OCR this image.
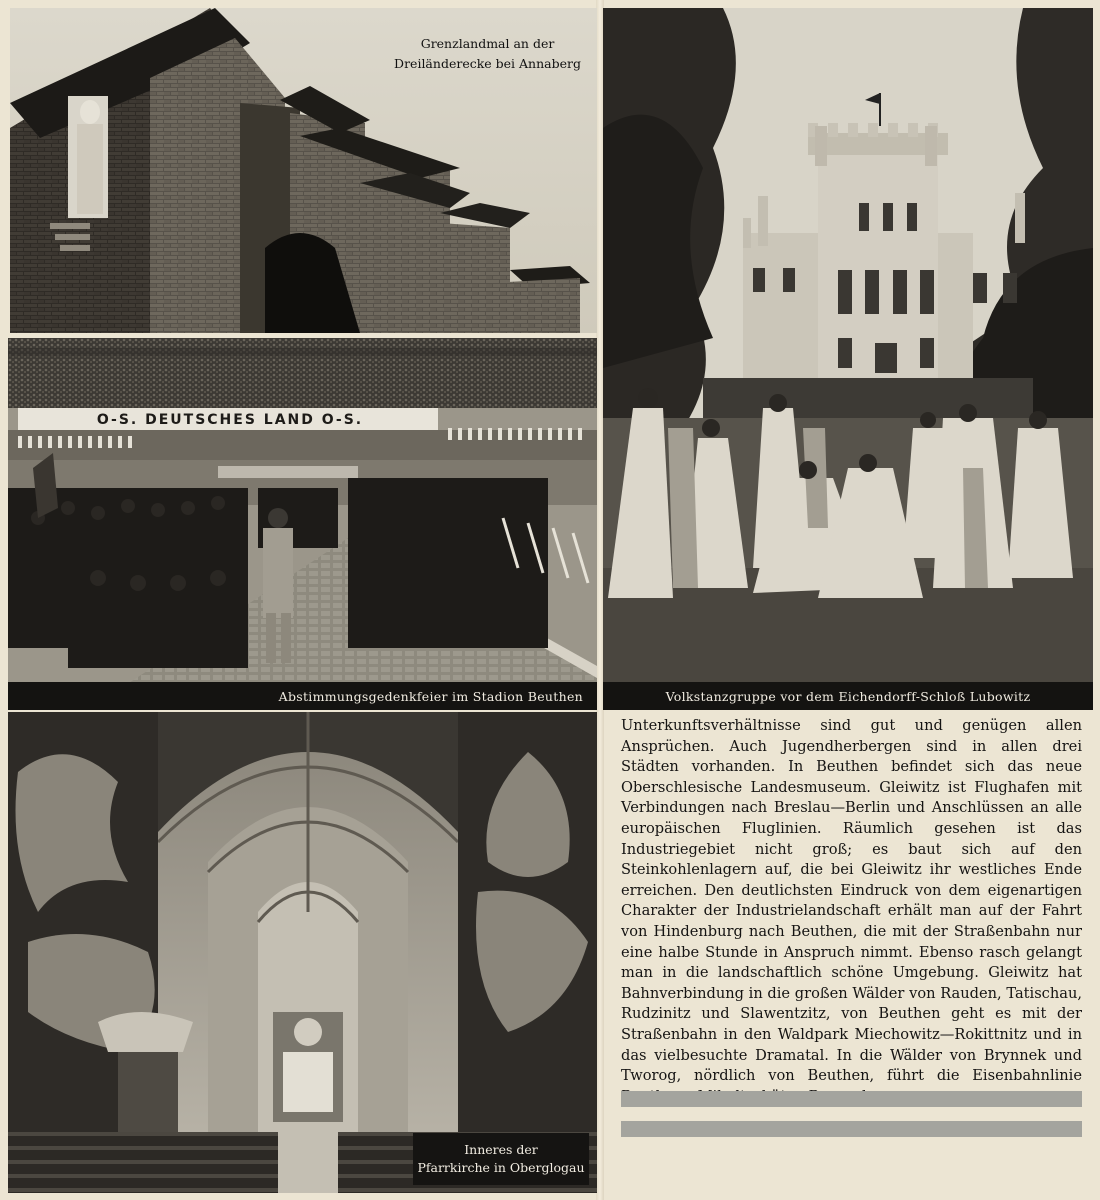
Grenzlandmal an der
Dreiländerecke bei Annaberg
O-S. DEUTSCHES LAND O-S.
Abstimmungsgedenkfeier im Stadion Beuthen	Volkstanzgruppe vor dem Eichendorff-Schloß Lubowitz
Inneres der
Pfarrkirche in Oberglogau

Unterkunftsverhältnisse sind gut und genügen allen Ansprüchen. Auch Jugendherbergen sind in allen drei Städten vorhanden. In Beuthen befindet sich das neue Oberschlesische Landesmuseum. Gleiwitz ist Flughafen mit Verbindungen nach Breslau—Berlin und Anschlüssen an alle europäischen Fluglinien. Räumlich gesehen ist das Industriegebiet nicht groß; es baut sich auf den Steinkohlenlagern auf, die bei Gleiwitz ihr westliches Ende erreichen. Den deutlichsten Eindruck von dem eigenartigen Charakter der Industrielandschaft erhält man auf der Fahrt von Hindenburg nach Beuthen, die mit der Straßenbahn nur eine halbe Stunde in Anspruch nimmt. Ebenso rasch gelangt man in die landschaftlich schöne Umgebung. Gleiwitz hat Bahnverbindung in die großen Wälder von Rauden, Tatischau, Rudzinitz und Slawentzitz, von Beuthen geht es mit der Straßenbahn in den Waldpark Miechowitz—Rokittnitz und in das vielbesuchte Dramatal. In die Wälder von Brynnek und Tworog, nördlich von Beuthen, führt die Eisenbahnlinie
